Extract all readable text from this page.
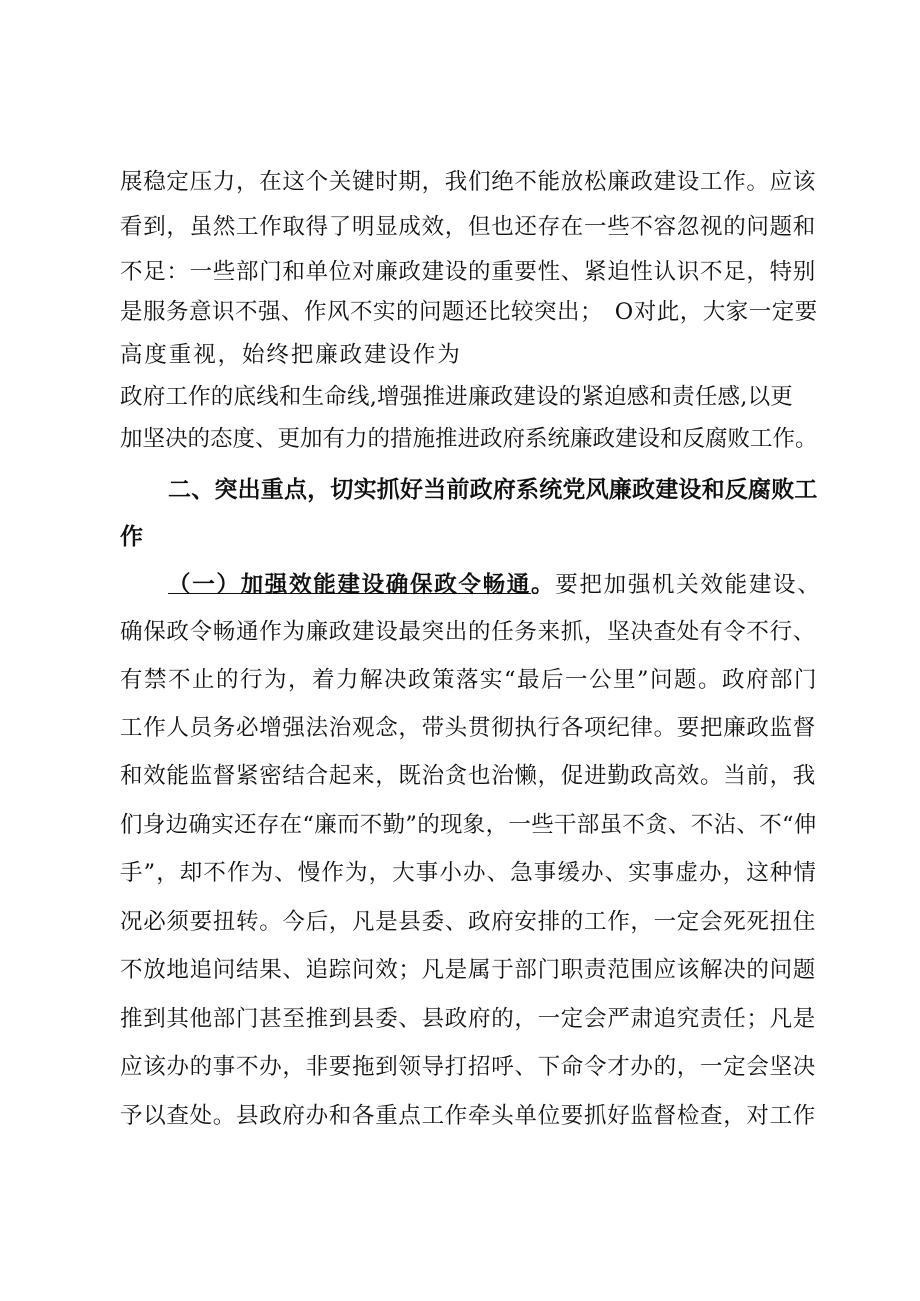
展稳定压力，在这个关键时期，我们绝不能放松廉政建设工作。应该
看到，虽然工作取得了明显成效，但也还存在一些不容忽视的问题和
不足：一些部门和单位对廉政建设的重要性、紧迫性认识不足，特别
是服务意识不强、作风不实的问题还比较突出；　O对此，大家一定要
高度重视，始终把廉政建设作为
政府工作的底线和生命线,增强推进廉政建设的紧迫感和责任感,以更
加坚决的态度、更加有力的措施推进政府系统廉政建设和反腐败工作。
二、突出重点，切实抓好当前政府系统党风廉政建设和反腐败工
作
（一）加强效能建设确保政令畅通。要把加强机关效能建设、
确保政令畅通作为廉政建设最突出的任务来抓，坚决查处有令不行、
有禁不止的行为，着力解决政策落实“最后一公里”问题。政府部门
工作人员务必增强法治观念，带头贯彻执行各项纪律。要把廉政监督
和效能监督紧密结合起来，既治贪也治懒，促进勤政高效。当前，我
们身边确实还存在“廉而不勤”的现象，一些干部虽不贪、不沾、不“伸
手”，却不作为、慢作为，大事小办、急事缓办、实事虚办，这种情
况必须要扭转。今后，凡是县委、政府安排的工作，一定会死死扭住
不放地追问结果、追踪问效；凡是属于部门职责范围应该解决的问题
推到其他部门甚至推到县委、县政府的，一定会严肃追究责任；凡是
应该办的事不办，非要拖到领导打招呼、下命令才办的，一定会坚决
予以查处。县政府办和各重点工作牵头单位要抓好监督检查，对工作
